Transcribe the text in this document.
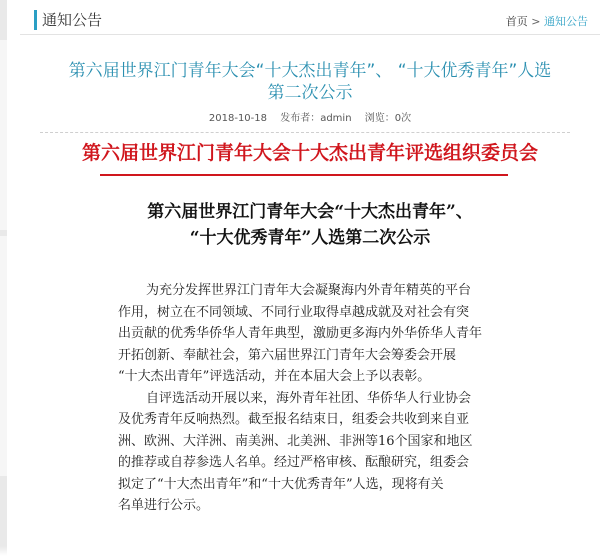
通知公告	首页 > 通知公告
第六届世界江门青年大会“十大杰出青年”、 “十大优秀青年”人选
第二次公示
2018-10-18 发布者：admin 浏览：0次
第六届世界江门青年大会十大杰出青年评选组织委员会
第六届世界江门青年大会“十大杰出青年”、
“十大优秀青年”人选第二次公示
为充分发挥世界江门青年大会凝聚海内外青年精英的平台
作用，树立在不同领域、不同行业取得卓越成就及对社会有突
出贡献的优秀华侨华人青年典型，激励更多海内外华侨华人青年
开拓创新、奉献社会，第六届世界江门青年大会筹委会开展
“十大杰出青年”评选活动，并在本届大会上予以表彰。
自评选活动开展以来，海外青年社团、华侨华人行业协会
及优秀青年反响热烈。截至报名结束日，组委会共收到来自亚
洲、欧洲、大洋洲、南美洲、北美洲、非洲等16个国家和地区
的推荐或自荐参选人名单。经过严格审核、酝酿研究，组委会
拟定了“十大杰出青年”和“十大优秀青年”人选，现将有关
名单进行公示。
